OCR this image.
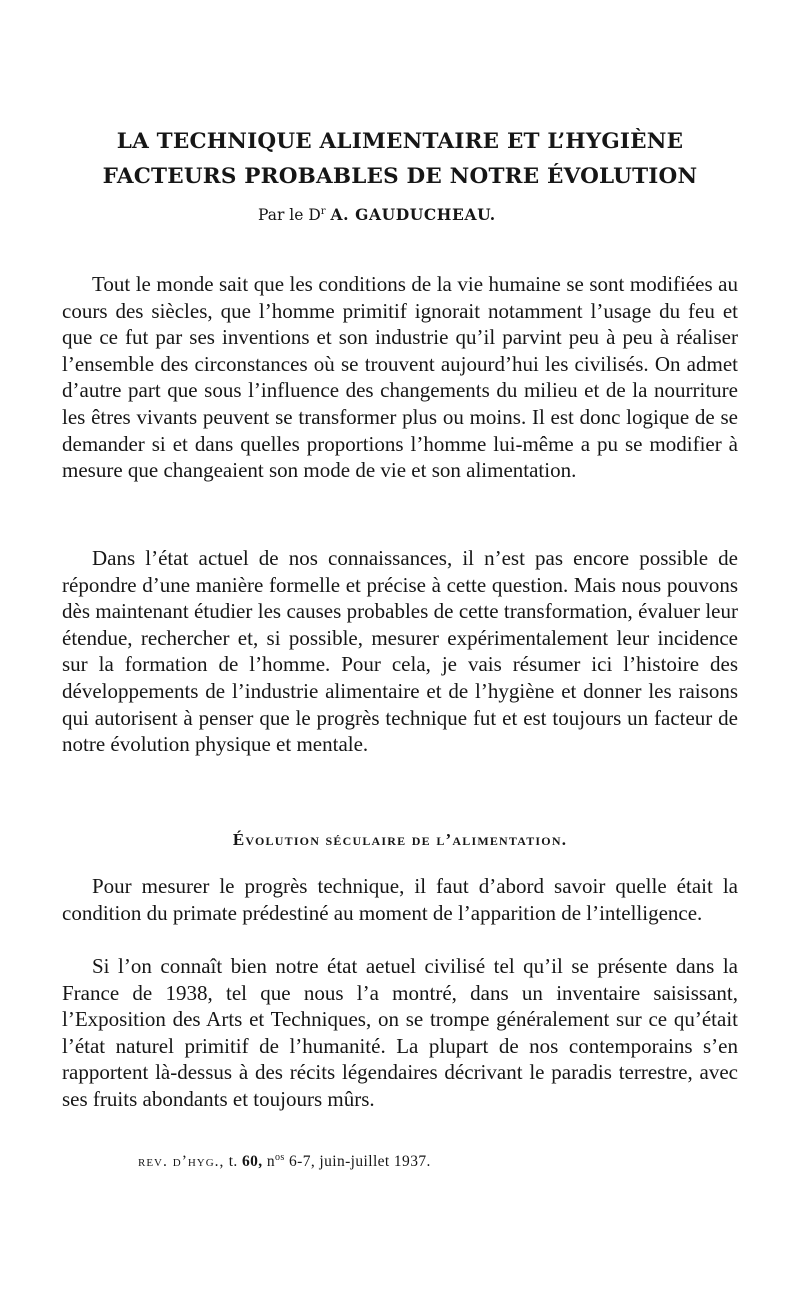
LA TECHNIQUE ALIMENTAIRE ET L’HYGIÈNE
FACTEURS PROBABLES DE NOTRE ÉVOLUTION
Par le $D^r$ A. GAUDUCHEAU.

Tout le monde sait que les conditions de la vie humaine se sont modifiées au cours des siècles, que l’homme primitif ignorait notamment l’usage du feu et que ce fut par ses inventions et son industrie qu’il parvint peu à peu à réaliser l’ensemble des circonstances où se trouvent aujourd’hui les civilisés. On admet d’autre part que sous l’influence des changements du milieu et de la nourriture les êtres vivants peuvent se transformer plus ou moins. Il est donc logique de se demander si et dans quelles proportions l’homme lui-même a pu se modifier à mesure que changeaient son mode de vie et son alimentation.

Dans l’état actuel de nos connaissances, il n’est pas encore possible de répondre d’une manière formelle et précise à cette question. Mais nous pouvons dès maintenant étudier les causes probables de cette transformation, évaluer leur étendue, rechercher et, si possible, mesurer expérimentalement leur incidence sur la formation de l’homme. Pour cela, je vais résumer ici l’histoire des développements de l’industrie alimentaire et de l’hygiène et donner les raisons qui autorisent à penser que le progrès technique fut et est toujours un facteur de notre évolution physique et mentale.

Évolution séculaire de l’alimentation.

Pour mesurer le progrès technique, il faut d’abord savoir quelle était la condition du primate prédestiné au moment de l’apparition de l’intelligence.

Si l’on connaît bien notre état aetuel civilisé tel qu’il se présente dans la France de 1938, tel que nous l’a montré, dans un inventaire saisissant, l’Exposition des Arts et Techniques, on se trompe généralement sur ce qu’était l’état naturel primitif de l’humanité. La plupart de nos contemporains s’en rapportent là-dessus à des récits légendaires décrivant le paradis terrestre, avec ses fruits abondants et toujours mûrs.

rev. d’hyg., t. 60, $n^{os}$ 6-7, juin-juillet 1937.
